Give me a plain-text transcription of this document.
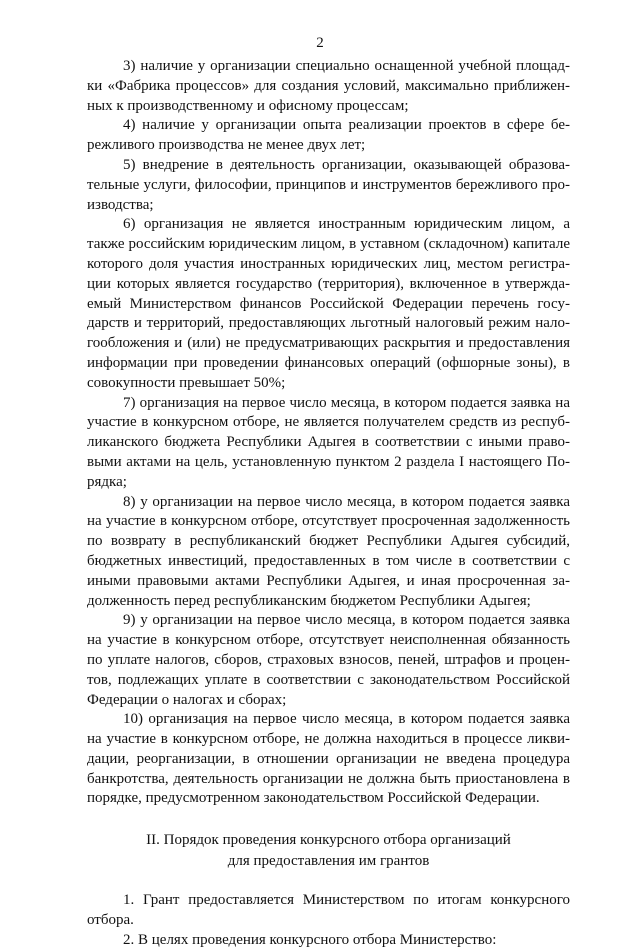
2

3) наличие у организации специально оснащенной учебной площадки «Фабрика процессов» для создания условий, максимально приближенных к производственному и офисному процессам;

4) наличие у организации опыта реализации проектов в сфере бережливого производства не менее двух лет;

5) внедрение в деятельность организации, оказывающей образовательные услуги, философии, принципов и инструментов бережливого производства;

6) организация не является иностранным юридическим лицом, а также российским юридическим лицом, в уставном (складочном) капитале которого доля участия иностранных юридических лиц, местом регистрации которых является государство (территория), включенное в утверждаемый Министерством финансов Российской Федерации перечень государств и территорий, предоставляющих льготный налоговый режим налогообложения и (или) не предусматривающих раскрытия и предоставления информации при проведении финансовых операций (офшорные зоны), в совокупности превышает 50%;

7) организация на первое число месяца, в котором подается заявка на участие в конкурсном отборе, не является получателем средств из республиканского бюджета Республики Адыгея в соответствии с иными правовыми актами на цель, установленную пунктом 2 раздела I настоящего Порядка;

8) у организации на первое число месяца, в котором подается заявка на участие в конкурсном отборе, отсутствует просроченная задолженность по возврату в республиканский бюджет Республики Адыгея субсидий, бюджетных инвестиций, предоставленных в том числе в соответствии с иными правовыми актами Республики Адыгея, и иная просроченная задолженность перед республиканским бюджетом Республики Адыгея;

9) у организации на первое число месяца, в котором подается заявка на участие в конкурсном отборе, отсутствует неисполненная обязанность по уплате налогов, сборов, страховых взносов, пеней, штрафов и процентов, подлежащих уплате в соответствии с законодательством Российской Федерации о налогах и сборах;

10) организация на первое число месяца, в котором подается заявка на участие в конкурсном отборе, не должна находиться в процессе ликвидации, реорганизации, в отношении организации не введена процедура банкротства, деятельность организации не должна быть приостановлена в порядке, предусмотренном законодательством Российской Федерации.

II. Порядок проведения конкурсного отбора организаций
для предоставления им грантов

1. Грант предоставляется Министерством по итогам конкурсного отбора.

2. В целях проведения конкурсного отбора Министерство:
